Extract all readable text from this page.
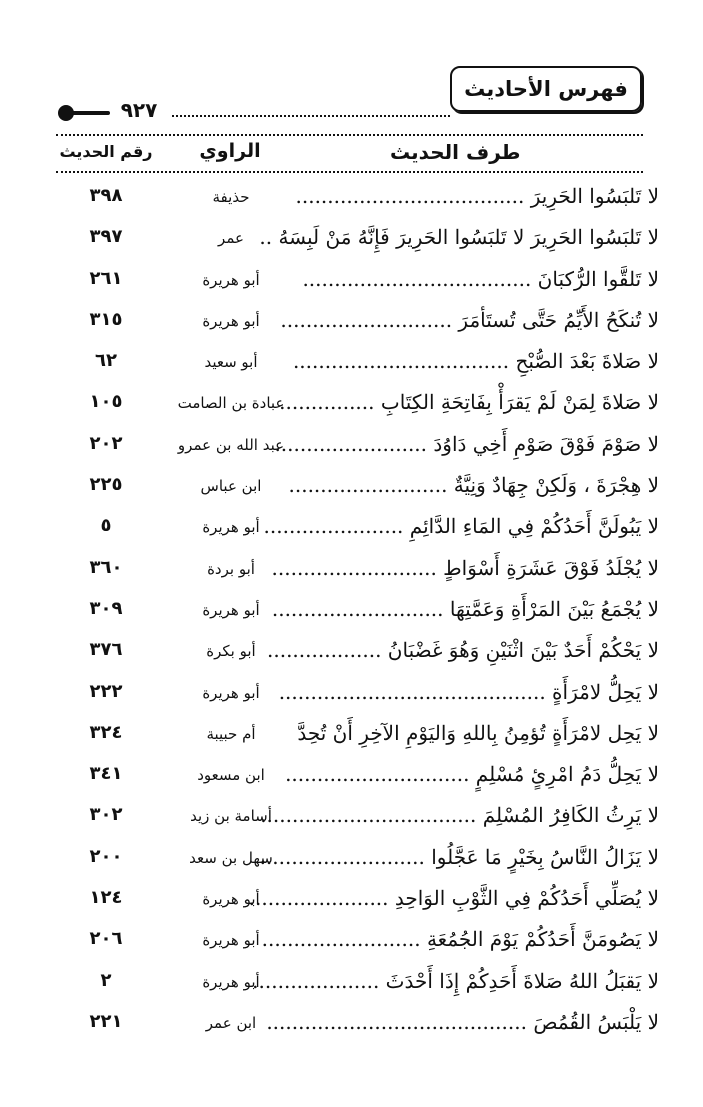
فهرس الأحاديث
٩٢٧
طرف الحديث
الراوي
رقم الحديث
لا تَلبَسُوا الحَرِيرَ ....................................
حذيفة
٣٩٨
لا تَلبَسُوا الحَرِيرَ لا تَلبَسُوا الحَرِيرَ فَإِنَّهُ مَنْ لَبِسَهُ ..
عمر
٣٩٧
لا تَلقَّوا الرُّكبَانَ ....................................
أبو هريرة
٢٦١
لا تُنكَحُ الأَيِّمُ حَتَّى تُستَأمَرَ ...........................
أبو هريرة
٣١٥
لا صَلاةَ بَعْدَ الصُّبْحِ ..................................
أبو سعيد
٦٢
لا صَلاةَ لِمَنْ لَمْ يَقرَأْ بِفَاتِحَةِ الكِتَابِ ...............
عبادة بن الصامت
١٠٥
لا صَوْمَ فَوْقَ صَوْمِ أَخِي دَاوُدَ ........................
عبد الله بن عمرو
٢٠٢
لا هِجْرَةَ ، وَلَكِنْ جِهَادٌ وَنِيَّةٌ .........................
ابن عباس
٢٢٥
لا يَبُولَنَّ أَحَدُكُمْ فِي المَاءِ الدَّائِمِ ......................
أبو هريرة
٥
لا يُجْلَدُ فَوْقَ عَشَرَةِ أَسْوَاطٍ ..........................
أبو بردة
٣٦٠
لا يُجْمَعُ بَيْنَ المَرْأَةِ وَعَمَّتِهَا ...........................
أبو هريرة
٣٠٩
لا يَحْكُمْ أَحَدٌ بَيْنَ اثْنَيْنِ وَهُوَ غَضْبَانُ ..................
أبو بكرة
٣٧٦
لا يَحِلُّ لامْرَأَةٍ ..........................................
أبو هريرة
٢٢٢
لا يَحِل لامْرَأَةٍ تُؤمِنُ بِاللهِ وَاليَوْمِ الآخِرِ أَنْ تُحِدَّ
أم حبيبة
٣٢٤
لا يَحِلُّ دَمُ امْرِئٍ مُسْلِمٍ .............................
ابن مسعود
٣٤١
لا يَرِثُ الكَافِرُ المُسْلِمَ ..................................
أسامة بن زيد
٣٠٢
لا يَزَالُ النَّاسُ بِخَيْرٍ مَا عَجَّلُوا ..........................
سهل بن سعد
٢٠٠
لا يُصَلِّي أَحَدُكُمْ فِي الثَّوْبِ الوَاحِدِ ......................
أبو هريرة
١٢٤
لا يَصُومَنَّ أَحَدُكُمْ يَوْمَ الجُمُعَةِ .........................
أبو هريرة
٢٠٦
لا يَقبَلُ اللهُ صَلاةَ أَحَدِكُمْ إِذَا أَحْدَثَ ....................
أبو هريرة
٢
لا يَلْبَسُ القُمُصَ .........................................
ابن عمر
٢٢١
